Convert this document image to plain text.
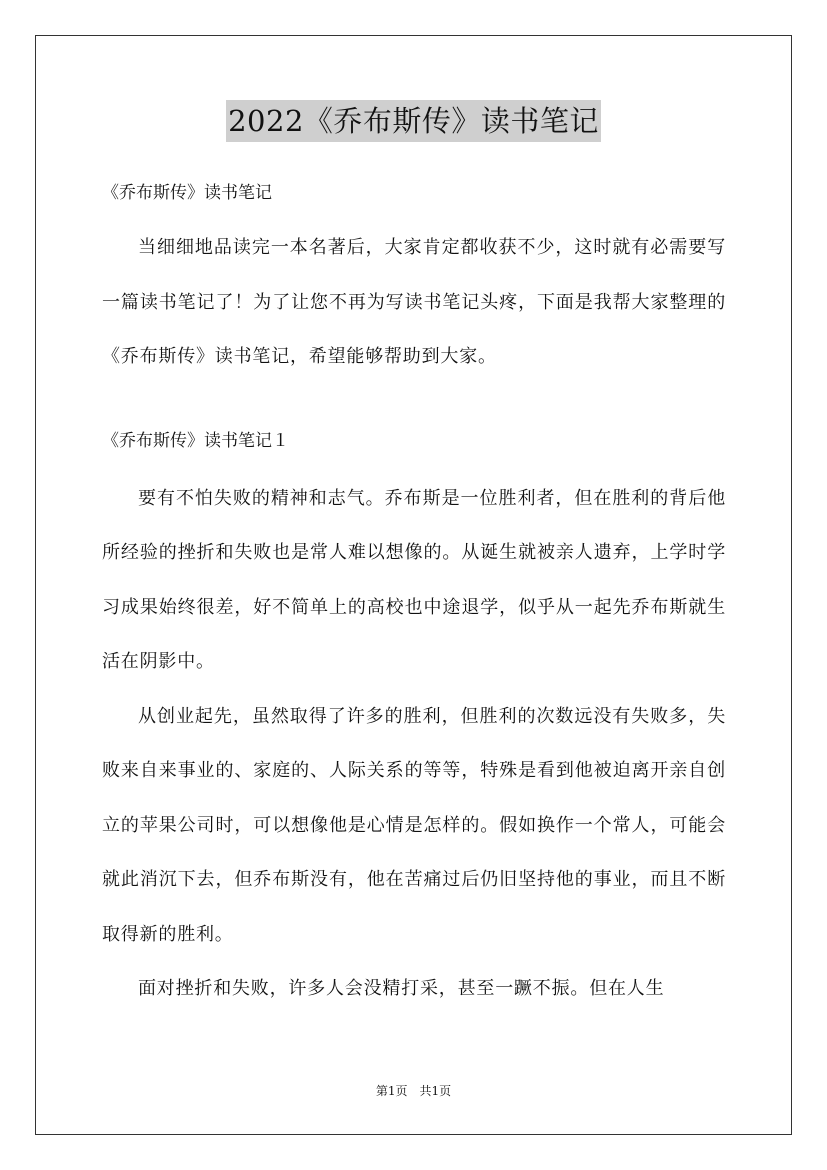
2022《乔布斯传》读书笔记

《乔布斯传》读书笔记

当细细地品读完一本名著后，大家肯定都收获不少，这时就有必需要写一篇读书笔记了！为了让您不再为写读书笔记头疼，下面是我帮大家整理的《乔布斯传》读书笔记，希望能够帮助到大家。

《乔布斯传》读书笔记１

要有不怕失败的精神和志气。乔布斯是一位胜利者，但在胜利的背后他所经验的挫折和失败也是常人难以想像的。从诞生就被亲人遗弃，上学时学习成果始终很差，好不简单上的高校也中途退学，似乎从一起先乔布斯就生活在阴影中。

从创业起先，虽然取得了许多的胜利，但胜利的次数远没有失败多，失败来自来事业的、家庭的、人际关系的等等，特殊是看到他被迫离开亲自创立的苹果公司时，可以想像他是心情是怎样的。假如换作一个常人，可能会就此消沉下去，但乔布斯没有，他在苦痛过后仍旧坚持他的事业，而且不断取得新的胜利。

面对挫折和失败，许多人会没精打采，甚至一蹶不振。但在人生

第1页　共1页
